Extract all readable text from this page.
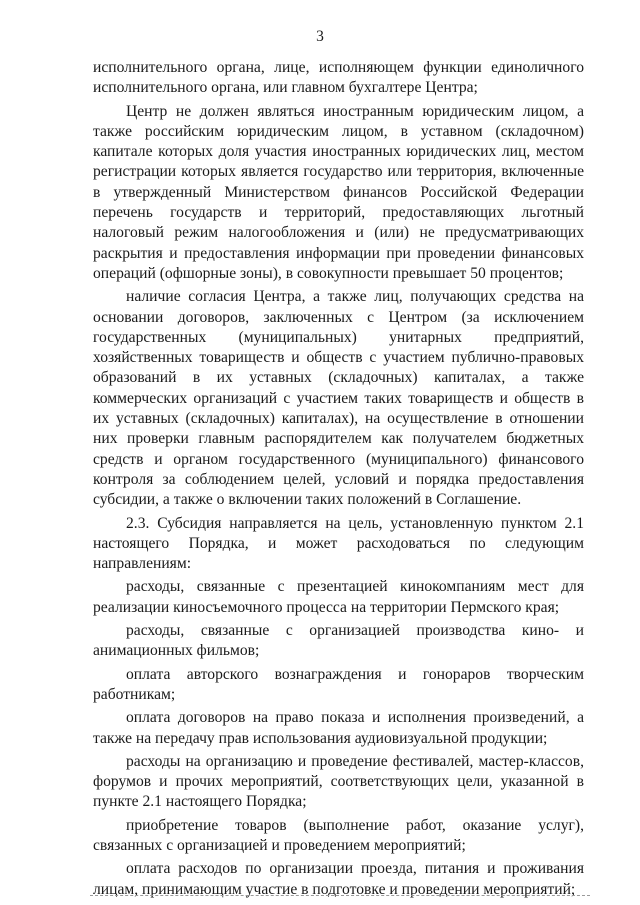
3

исполнительного органа, лице, исполняющем функции единоличного исполнительного органа, или главном бухгалтере Центра;

Центр не должен являться иностранным юридическим лицом, а также российским юридическим лицом, в уставном (складочном) капитале которых доля участия иностранных юридических лиц, местом регистрации которых является государство или территория, включенные в утвержденный Министерством финансов Российской Федерации перечень государств и территорий, предоставляющих льготный налоговый режим налогообложения и (или) не предусматривающих раскрытия и предоставления информации при проведении финансовых операций (офшорные зоны), в совокупности превышает 50 процентов;

наличие согласия Центра, а также лиц, получающих средства на основании договоров, заключенных с Центром (за исключением государственных (муниципальных) унитарных предприятий, хозяйственных товариществ и обществ с участием публично-правовых образований в их уставных (складочных) капиталах, а также коммерческих организаций с участием таких товариществ и обществ в их уставных (складочных) капиталах), на осуществление в отношении них проверки главным распорядителем как получателем бюджетных средств и органом государственного (муниципального) финансового контроля за соблюдением целей, условий и порядка предоставления субсидии, а также о включении таких положений в Соглашение.

2.3. Субсидия направляется на цель, установленную пунктом 2.1 настоящего Порядка, и может расходоваться по следующим направлениям:

расходы, связанные с презентацией кинокомпаниям мест для реализации киносъемочного процесса на территории Пермского края;

расходы, связанные с организацией производства кино- и анимационных фильмов;

оплата авторского вознаграждения и гонораров творческим работникам;

оплата договоров на право показа и исполнения произведений, а также на передачу прав использования аудиовизуальной продукции;

расходы на организацию и проведение фестивалей, мастер-классов, форумов и прочих мероприятий, соответствующих цели, указанной в пункте 2.1 настоящего Порядка;

приобретение товаров (выполнение работ, оказание услуг), связанных с организацией и проведением мероприятий;

оплата расходов по организации проезда, питания и проживания лицам, принимающим участие в подготовке и проведении мероприятий;
